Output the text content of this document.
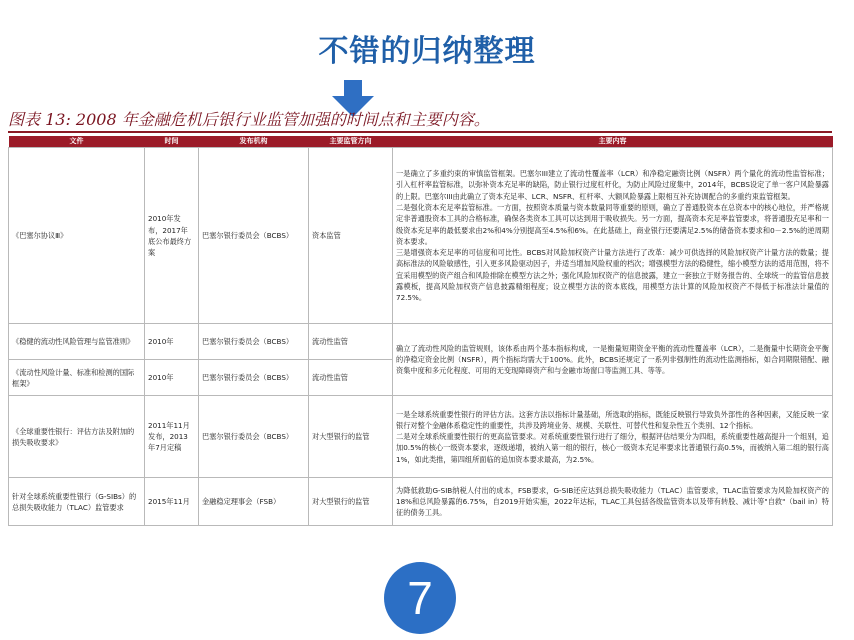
不错的归纳整理
图表 13: 2008 年金融危机后银行业监管加强的时间点和主要内容。
文件	时间	发布机构	主要监管方向	主要内容
《巴塞尔协议Ⅲ》	2010年发布，2017年底公布最终方案	巴塞尔银行委员会（BCBS）	资本监管	一是确立了多重约束的审慎监管框架。巴塞尔III建立了流动性覆盖率（LCR）和净稳定融资比例（NSFR）两个量化的流动性监管标准；引入杠杆率监管标准，以弥补资本充足率的缺陷，防止银行过度杠杆化，为防止风险过度集中，2014年，BCBS设定了单一客户风险暴露的上限。巴塞尔III由此确立了资本充足率、LCR、NSFR、杠杆率、大额风险暴露上限相互补充协调配合的多重约束监管框架。
二是强化资本充足率监管标准。一方面，按照资本质量与资本数量同等重要的原则，确立了普通股资本在总资本中的核心地位，并严格规定非普通股资本工具的合格标准，确保各类资本工具可以达到用于吸收损失。另一方面，提高资本充足率监管要求，将普通股充足率和一级资本充足率的最低要求由2%和4%分别提高至4.5%和6%。在此基础上，商业银行还要满足2.5%的储备资本要求和0－2.5%的逆周期资本要求。
三是增强资本充足率的可信度和可比性。BCBS对风险加权资产计量方法进行了改革：减少可供选择的风险加权资产计量方法的数量；提高标准法的风险敏感性，引入更多风险驱动因子，并适当增加风险权重的档次；增强模型方法的稳健性，缩小模型方法的适用范围，将不宜采用模型的资产组合和风险排除在模型方法之外；强化风险加权资产的信息披露，建立一套独立于财务报告的、全球统一的监管信息披露模板，提高风险加权资产信息披露精细程度；设立模型方法的资本底线，用模型方法计算的风险加权资产不得低于标准法计量值的72.5%。

《稳健的流动性风险管理与监管准则》	2010年	巴塞尔银行委员会（BCBS）	流动性监管	确立了流动性风险的监管规则，该体系由两个基本指标构成，一是衡量短期资金平衡的流动性覆盖率（LCR），二是衡量中长期资金平衡的净稳定资金比例（NSFR），两个指标均需大于100%。此外，BCBS还规定了一系列非强制性的流动性监测指标，如合同期限错配、融资集中度和多元化程度、可用的无变现障碍资产和与金融市场窗口等监测工具、等等。

《流动性风险计量、标准和检测的国际框架》	2010年	巴塞尔银行委员会（BCBS）	流动性监管	
《全球重要性银行：评估方法及附加的损失吸收要求》	2011年11月发布，2013年7月定稿	巴塞尔银行委员会（BCBS）	对大型银行的监管	一是全球系统重要性银行的评估方法。这套方法以指标计量基础，所选取的指标，既能反映银行导致负外部性的各种因素，又能反映一家银行对整个金融体系稳定性的重要性，共涉及跨境业务、规模、关联性、可替代性和复杂性五个类别、12个指标。
二是对全球系统重要性银行的更高监管要求。对系统重要性银行进行了细分，根据评估结果分为四组，系统重要性越高提升一个组别，追加0.5%的核心一级资本要求，逐级递增，被纳入第一组的银行，核心一级资本充足率要求比普通银行高0.5%，而被纳入第二组的银行高1%，如此类推，第四组所面临的追加资本要求最高，为2.5%。

针对全球系统重要性银行（G-SIBs）的总损失吸收能力（TLAC）监管要求	2015年11月	金融稳定理事会（FSB）	对大型银行的监管	为降低救助G-SIB纳税人付出的成本，FSB要求，G-SIB还应达到总损失吸收能力（TLAC）监管要求，TLAC监管要求为风险加权资产的18%和总风险暴露的6.75%，自2019开始实施，2022年达标，TLAC工具包括各级监管资本以及带有转股、减计等"自救"（bail in）特征的债务工具。
7
